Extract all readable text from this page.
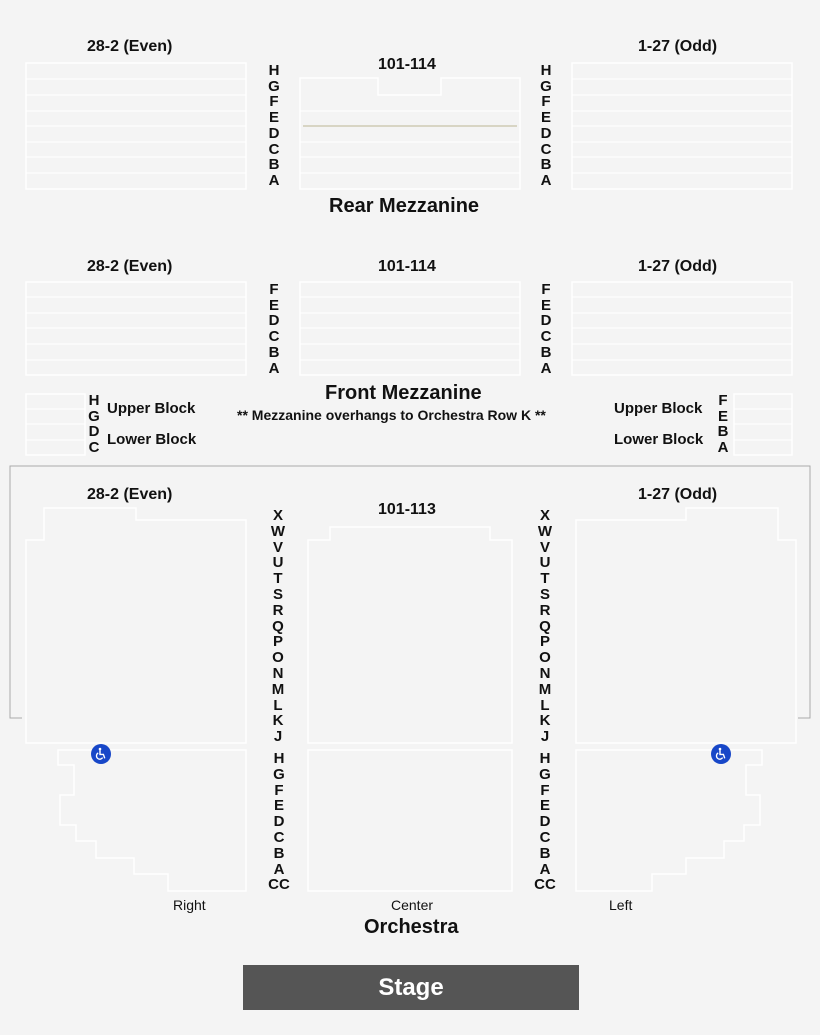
28-2 (Even)
101-114
1-27 (Odd)
H
G
F
E
D
C
B
A
H
G
F
E
D
C
B
A
Rear Mezzanine
28-2 (Even)	101-114	1-27 (Odd)
F
E
D
C
B
A
F
E
D
C
B
A
Front Mezzanine
** Mezzanine overhangs to Orchestra Row K **
H
G
D
C
Upper Block
Lower Block
F
E
B
A
Upper Block
Lower Block
28-2 (Even)
101-113
1-27 (Odd)
X
W
V
U
T
S
R
Q
P
O
N
M
L
K
J
X
W
V
U
T
S
R
Q
P
O
N
M
L
K
J
H
G
F
E
D
C
B
A
CC
H
G
F
E
D
C
B
A
CC
Right	Center	Left
Orchestra
Stage
